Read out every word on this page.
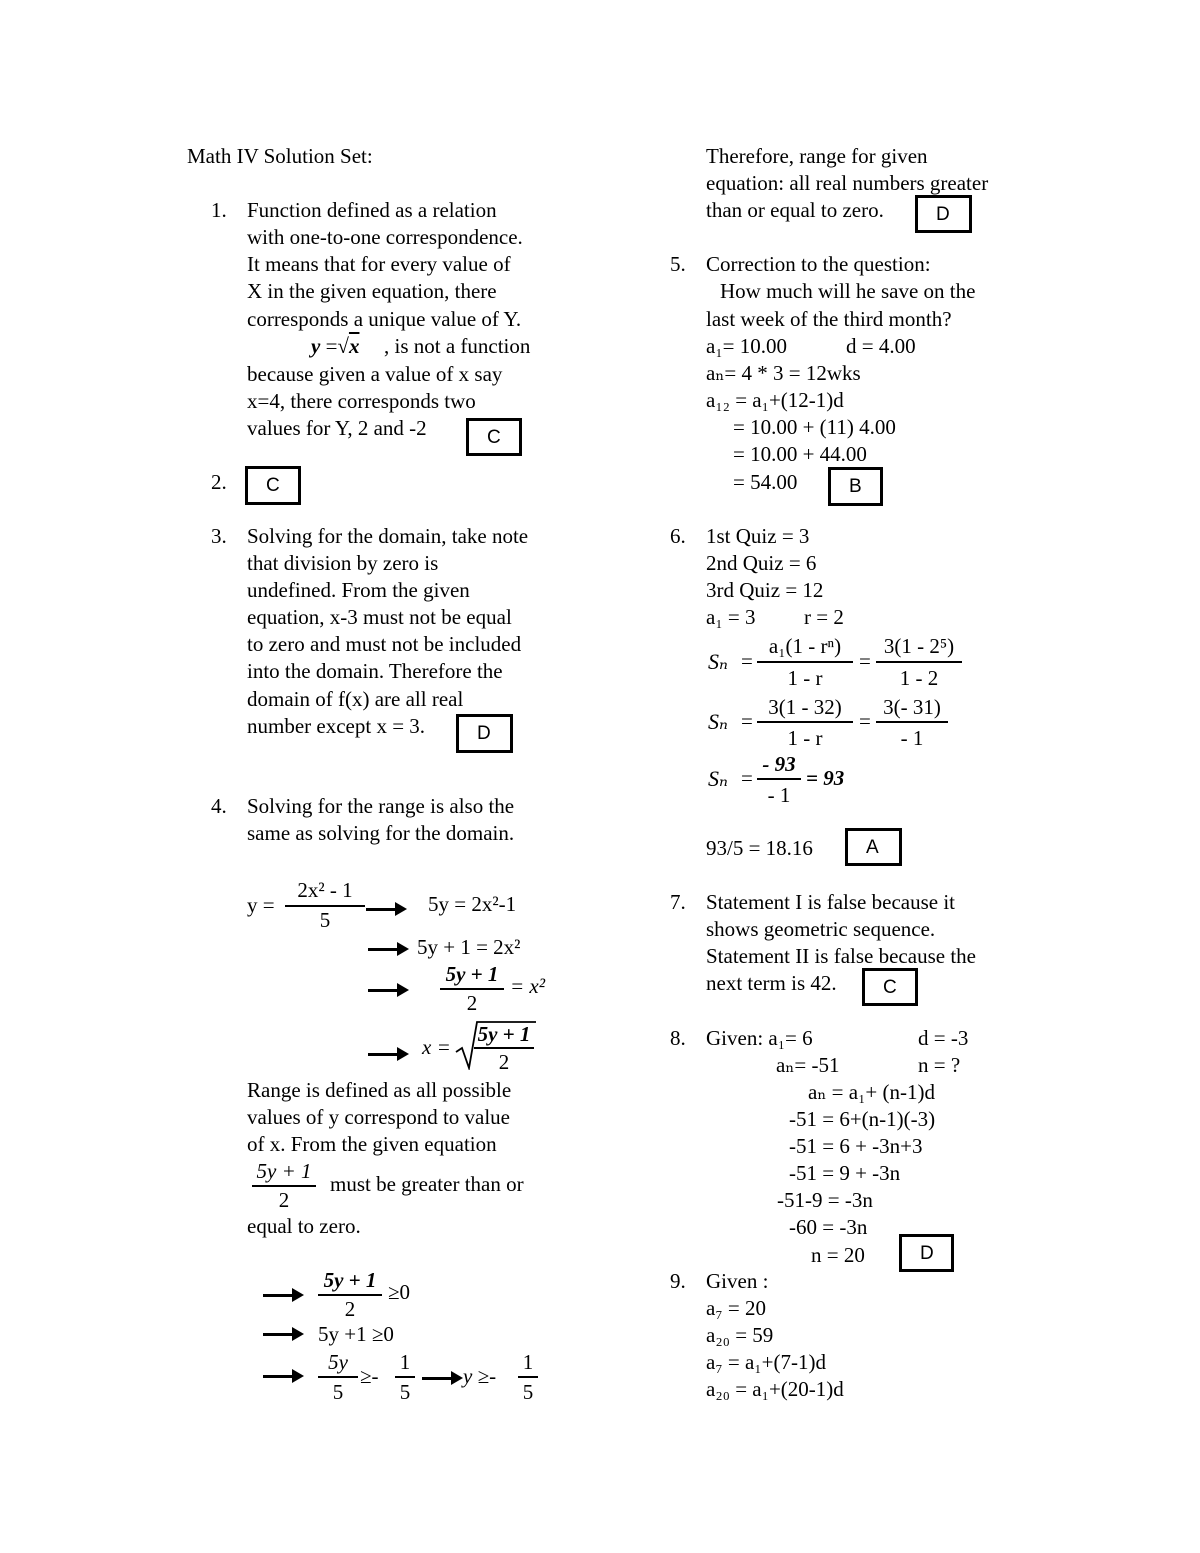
Math IV Solution Set:
1. Function defined as a relation
with one-to-one correspondence.
It means that for every value of
X in the given equation, there
corresponds a unique value of Y.
y =√x , is not a function
because given a value of x say
x=4, there corresponds two
values for Y, 2 and -2	C
2.	C
3. Solving for the domain, take note
that division by zero is
undefined. From the given
equation, x-3 must not be equal
to zero and must not be included
into the domain. Therefore the
domain of f(x) are all real
number except x = 3.	D
4. Solving for the range is also the
same as solving for the domain.
y =
2x² - 1
5
5y = 2x²-1
5y + 1 = 2x²
5y + 1
2
= x²
x =
5y + 1
2
Range is defined as all possible
values of y correspond to value
of x. From the given equation
5y + 1
2
must be greater than or
equal to zero.
5y + 1
2
≥0
5y +1 ≥0
5y
5
≥-
1
5
y ≥-
1
5
Therefore, range for given
equation: all real numbers greater
than or equal to zero.	D
5. Correction to the question:
How much will he save on the
last week of the third month?
a₁= 10.00	d = 4.00
aₙ= 4 * 3 = 12wks
a₁₂ = a₁+(12-1)d
= 10.00 + (11) 4.00
= 10.00 + 44.00
= 54.00	B
6. 1st Quiz = 3
2nd Quiz = 6
3rd Quiz = 12
a₁ = 3 r = 2
Sₙ =
a₁(1 - rⁿ)
1 - r
=
3(1 - 2⁵)
1 - 2
Sₙ =
3(1 - 32)
1 - r
=
3(- 31)
- 1
Sₙ =
- 93
- 1
= 93
93/5 = 18.16	A
7. Statement I is false because it
shows geometric sequence.
Statement II is false because the
next term is 42.	C
8. Given: a₁= 6	d = -3
aₙ= -51	n = ?
aₙ = a₁+ (n-1)d
-51 = 6+(n-1)(-3)
-51 = 6 + -3n+3
-51 = 9 + -3n
-51-9 = -3n
-60 = -3n
n = 20	D
9. Given :
a₇ = 20
a₂₀ = 59
a₇ = a₁+(7-1)d
a₂₀ = a₁+(20-1)d
